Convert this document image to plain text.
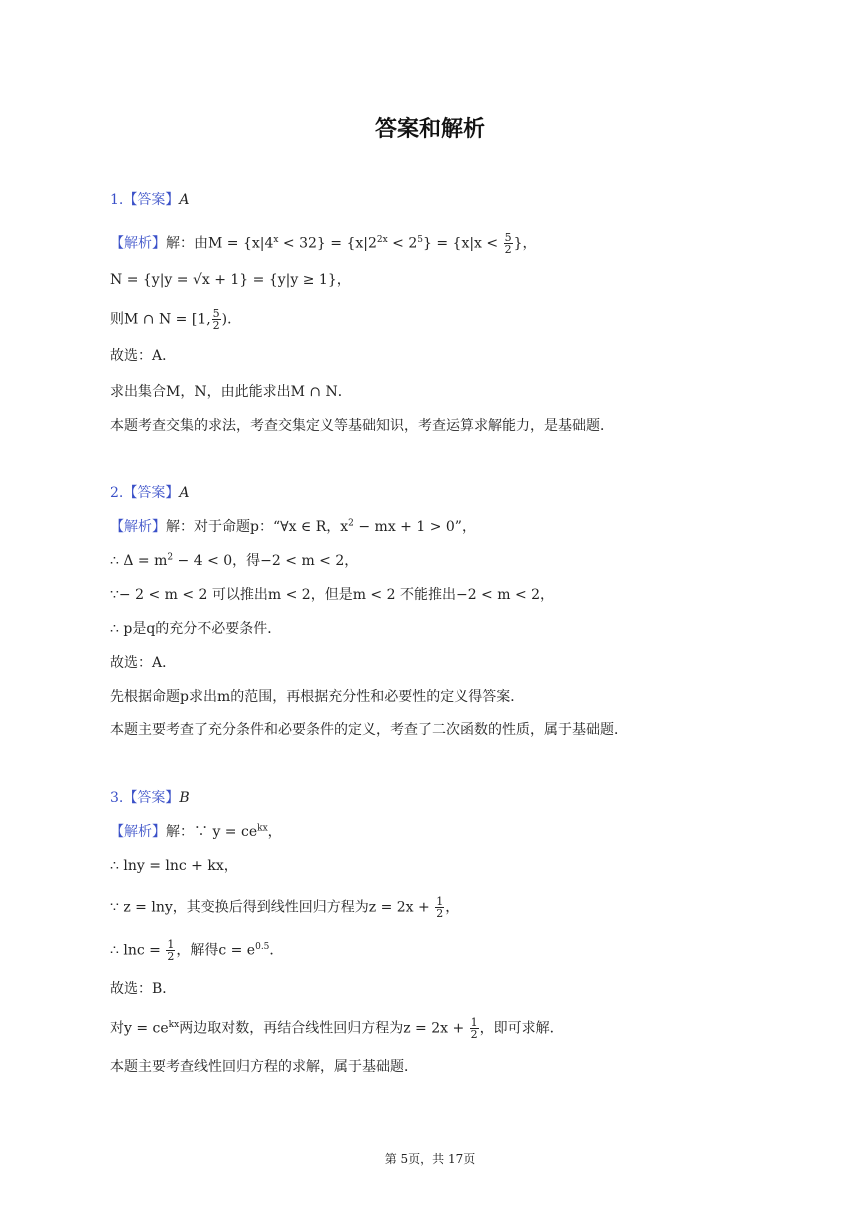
答案和解析
1.【答案】A
【解析】解：由$M = \{x|4^x < 32\} = \{x|2^{2x} < 2^5\} = \{x|x < \frac{5}{2}$ }，
N = {y|y = √x + 1} = {y|y ≥ 1}，
则M ∩ N = [1, $\frac{5}{2}$ )．
故选：A．
求出集合M，N，由此能求出M ∩ N．
本题考查交集的求法，考查交集定义等基础知识，考查运算求解能力，是基础题．
2.【答案】A
【解析】解：对于命题p：“∀x ∈ R，$x^2$ − mx + 1 > 0”，
∴ $\Delta = m^2 - 4 < 0$，得−2 < m < 2，
∵− 2 < m < 2 可以推出m < 2，但是m < 2 不能推出−2 < m < 2，
∴ p是q的充分不必要条件．
故选：A．
先根据命题p求出m的范围，再根据充分性和必要性的定义得答案．
本题主要考查了充分条件和必要条件的定义，考查了二次函数的性质，属于基础题．
3.【答案】B
【解析】解：∵ $y = ce^{kx}$，
∴ lny = lnc + kx，
∵ z = lny，其变换后得到线性回归方程为$z = 2x + \frac{1}{2}$ ，
∴ $\ln c = \frac{1}{2}$ ，解得$c = e^{0.5}$．
故选：B．
对$y = ce^{kx}$两边取对数，再结合线性回归方程为$z = 2x + \frac{1}{2}$ ，即可求解．
本题主要考查线性回归方程的求解，属于基础题．
第 5页，共 17页
